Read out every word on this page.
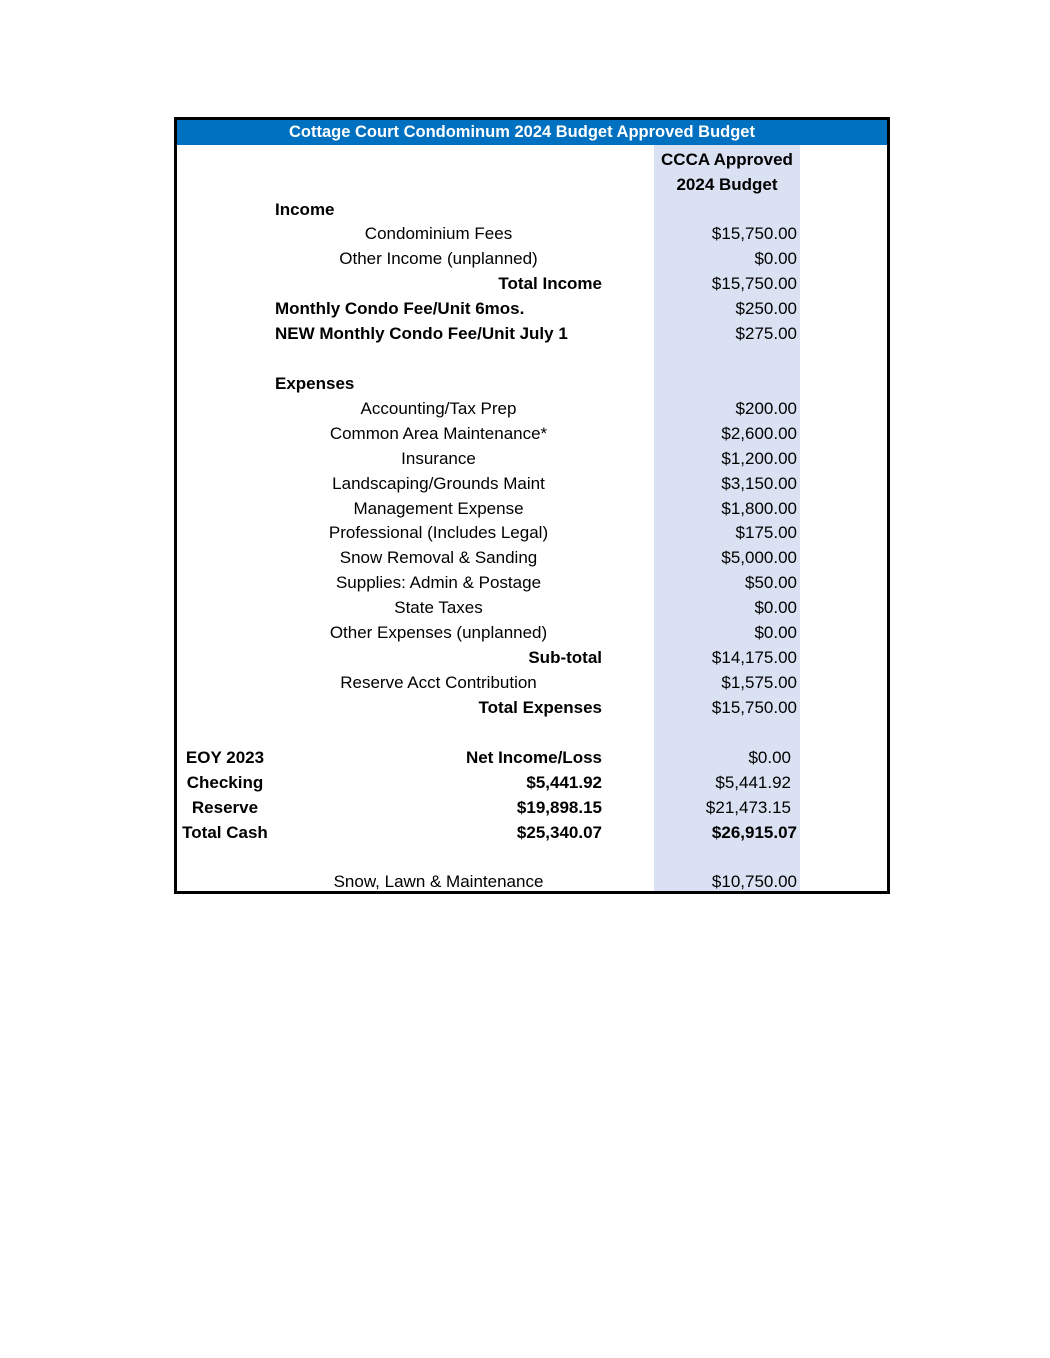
Cottage Court Condominum 2024 Budget Approved Budget
CCCA Approved
2024 Budget
Income
Condominium Fees	$15,750.00
Other Income (unplanned)	$0.00
Total Income	$15,750.00
Monthly Condo Fee/Unit 6mos.	$250.00
NEW Monthly Condo Fee/Unit July 1	$275.00
Expenses
Accounting/Tax Prep	$200.00
Common Area Maintenance*	$2,600.00
Insurance	$1,200.00
Landscaping/Grounds Maint	$3,150.00
Management Expense	$1,800.00
Professional (Includes Legal)	$175.00
Snow Removal & Sanding	$5,000.00
Supplies: Admin & Postage	$50.00
State Taxes	$0.00
Other Expenses (unplanned)	$0.00
Sub-total	$14,175.00
Reserve Acct Contribution	$1,575.00
Total Expenses	$15,750.00
EOY 2023	Net Income/Loss	$0.00
Checking	$5,441.92	$5,441.92
Reserve	$19,898.15	$21,473.15
Total Cash	$25,340.07	$26,915.07
Snow, Lawn & Maintenance	$10,750.00
